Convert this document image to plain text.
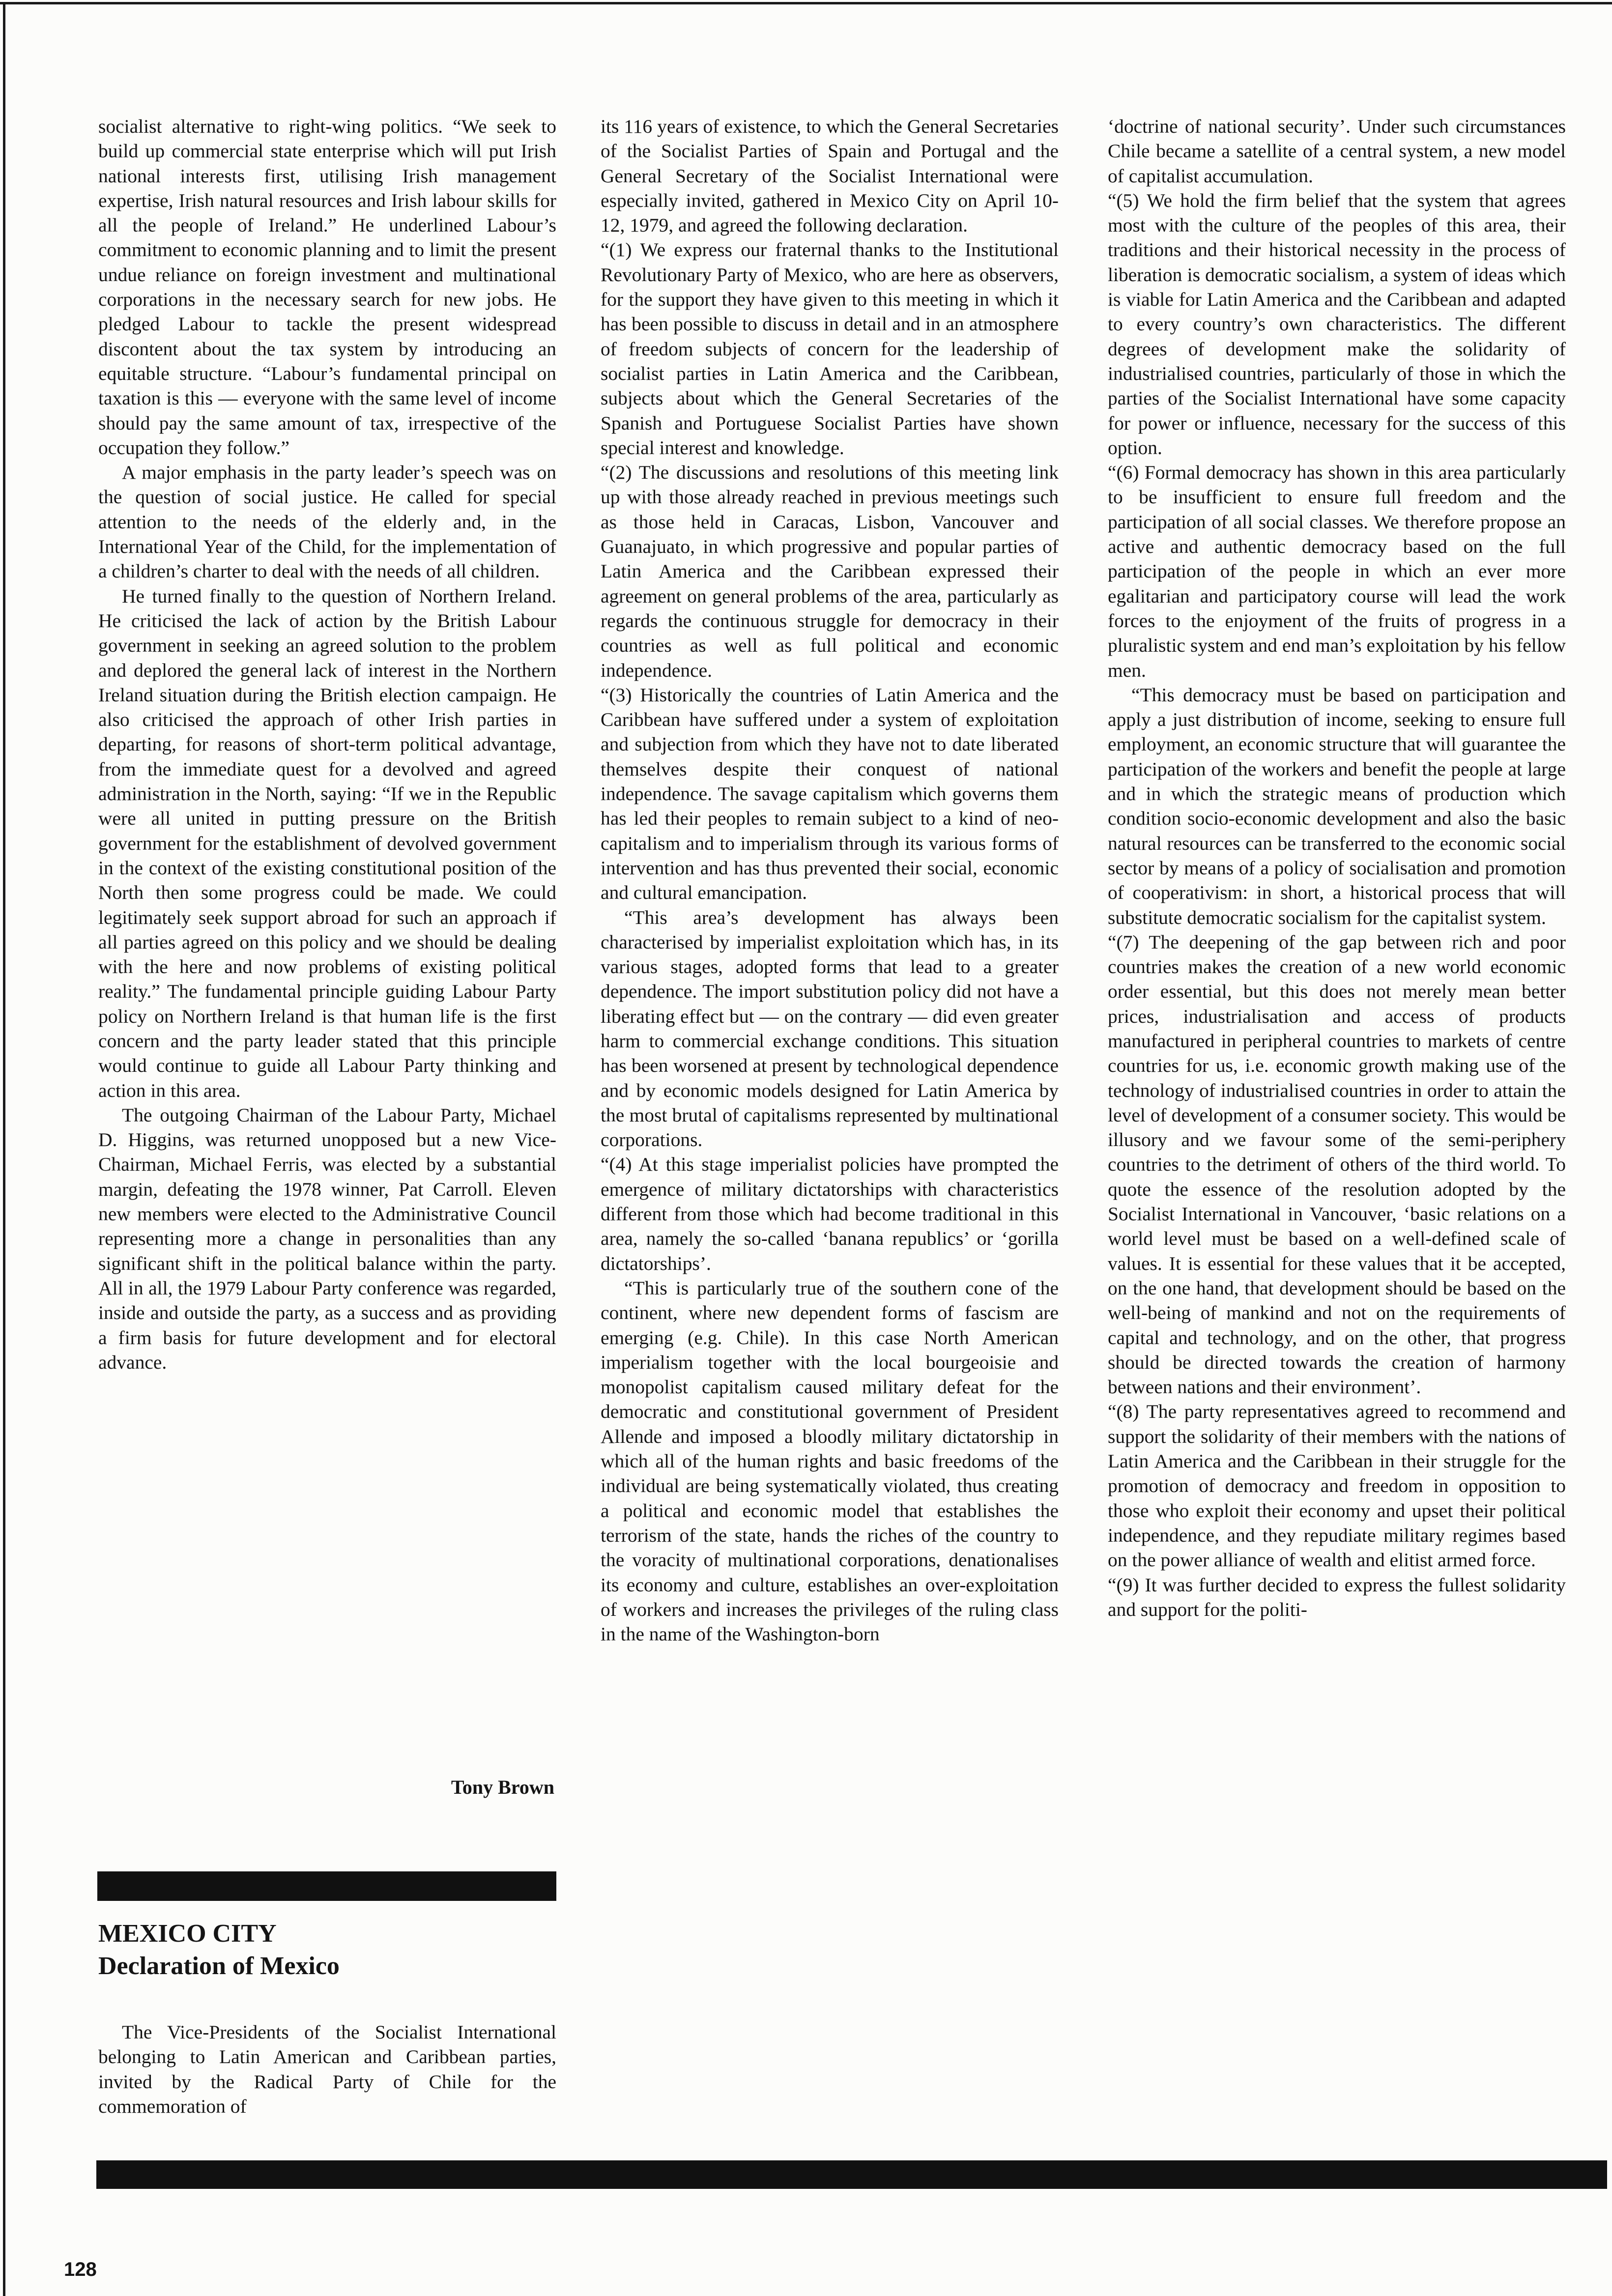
socialist alternative to right-wing politics. “We seek to build up commercial state enterprise which will put Irish national interests first, utilising Irish management expertise, Irish natural resources and Irish labour skills for all the people of Ireland.” He underlined Labour’s commitment to economic planning and to limit the present undue reliance on foreign investment and multinational corporations in the necessary search for new jobs. He pledged Labour to tackle the present widespread discontent about the tax system by introducing an equitable structure. “Labour’s fundamental principal on taxation is this — everyone with the same level of income should pay the same amount of tax, irrespective of the occupation they follow.”

A major emphasis in the party leader’s speech was on the question of social justice. He called for special attention to the needs of the elderly and, in the International Year of the Child, for the implementation of a children’s charter to deal with the needs of all children.

He turned finally to the question of Northern Ireland. He criticised the lack of action by the British Labour government in seeking an agreed solution to the problem and deplored the general lack of interest in the Northern Ireland situation during the British election campaign. He also criticised the approach of other Irish parties in departing, for reasons of short-term political advantage, from the immediate quest for a devolved and agreed administration in the North, saying: “If we in the Republic were all united in putting pressure on the British government for the establishment of devolved government in the context of the existing constitutional position of the North then some progress could be made. We could legitimately seek support abroad for such an approach if all parties agreed on this policy and we should be dealing with the here and now problems of existing political reality.” The fundamental principle guiding Labour Party policy on Northern Ireland is that human life is the first concern and the party leader stated that this principle would continue to guide all Labour Party thinking and action in this area.

The outgoing Chairman of the Labour Party, Michael D. Higgins, was returned unopposed but a new Vice-Chairman, Michael Ferris, was elected by a substantial margin, defeating the 1978 winner, Pat Carroll. Eleven new members were elected to the Administrative Council representing more a change in personalities than any significant shift in the political balance within the party. All in all, the 1979 Labour Party conference was regarded, inside and outside the party, as a success and as providing a firm basis for future development and for electoral advance.

Tony Brown
MEXICO CITY
Declaration of Mexico

The Vice-Presidents of the Socialist International belonging to Latin American and Caribbean parties, invited by the Radical Party of Chile for the commemoration of

its 116 years of existence, to which the General Secretaries of the Socialist Parties of Spain and Portugal and the General Secretary of the Socialist International were especially invited, gathered in Mexico City on April 10-12, 1979, and agreed the following declaration.

“(1) We express our fraternal thanks to the Institutional Revolutionary Party of Mexico, who are here as observers, for the support they have given to this meeting in which it has been possible to discuss in detail and in an atmosphere of freedom subjects of concern for the leadership of socialist parties in Latin America and the Caribbean, subjects about which the General Secretaries of the Spanish and Portuguese Socialist Parties have shown special interest and knowledge.

“(2) The discussions and resolutions of this meeting link up with those already reached in previous meetings such as those held in Caracas, Lisbon, Vancouver and Guanajuato, in which progressive and popular parties of Latin America and the Caribbean expressed their agreement on general problems of the area, particularly as regards the continuous struggle for democracy in their countries as well as full political and economic independence.

“(3) Historically the countries of Latin America and the Caribbean have suffered under a system of exploitation and subjection from which they have not to date liberated themselves despite their conquest of national independence. The savage capitalism which governs them has led their peoples to remain subject to a kind of neo-capitalism and to imperialism through its various forms of intervention and has thus prevented their social, economic and cultural emancipation.

“This area’s development has always been characterised by imperialist exploitation which has, in its various stages, adopted forms that lead to a greater dependence. The import substitution policy did not have a liberating effect but — on the contrary — did even greater harm to commercial exchange conditions. This situation has been worsened at present by technological dependence and by economic models designed for Latin America by the most brutal of capitalisms represented by multinational corporations.

“(4) At this stage imperialist policies have prompted the emergence of military dictatorships with characteristics different from those which had become traditional in this area, namely the so-called ‘banana republics’ or ‘gorilla dictatorships’.

“This is particularly true of the southern cone of the continent, where new dependent forms of fascism are emerging (e.g. Chile). In this case North American imperialism together with the local bourgeoisie and monopolist capitalism caused military defeat for the democratic and constitutional government of President Allende and imposed a bloodly military dictatorship in which all of the human rights and basic freedoms of the individual are being systematically violated, thus creating a political and economic model that establishes the terrorism of the state, hands the riches of the country to the voracity of multinational corporations, denationalises its economy and culture, establishes an over-exploitation of workers and increases the privileges of the ruling class in the name of the Washington-born

‘doctrine of national security’. Under such circumstances Chile became a satellite of a central system, a new model of capitalist accumulation.

“(5) We hold the firm belief that the system that agrees most with the culture of the peoples of this area, their traditions and their historical necessity in the process of liberation is democratic socialism, a system of ideas which is viable for Latin America and the Caribbean and adapted to every country’s own characteristics. The different degrees of development make the solidarity of industrialised countries, particularly of those in which the parties of the Socialist International have some capacity for power or influence, necessary for the success of this option.

“(6) Formal democracy has shown in this area particularly to be insufficient to ensure full freedom and the participation of all social classes. We therefore propose an active and authentic democracy based on the full participation of the people in which an ever more egalitarian and participatory course will lead the work forces to the enjoyment of the fruits of progress in a pluralistic system and end man’s exploitation by his fellow men.

“This democracy must be based on participation and apply a just distribution of income, seeking to ensure full employment, an economic structure that will guarantee the participation of the workers and benefit the people at large and in which the strategic means of production which condition socio-economic development and also the basic natural resources can be transferred to the economic social sector by means of a policy of socialisation and promotion of cooperativism: in short, a historical process that will substitute democratic socialism for the capitalist system.

“(7) The deepening of the gap between rich and poor countries makes the creation of a new world economic order essential, but this does not merely mean better prices, industrialisation and access of products manufactured in peripheral countries to markets of centre countries for us, i.e. economic growth making use of the technology of industrialised countries in order to attain the level of development of a consumer society. This would be illusory and we favour some of the semi-periphery countries to the detriment of others of the third world. To quote the essence of the resolution adopted by the Socialist International in Vancouver, ‘basic relations on a world level must be based on a well-defined scale of values. It is essential for these values that it be accepted, on the one hand, that development should be based on the well-being of mankind and not on the requirements of capital and technology, and on the other, that progress should be directed towards the creation of harmony between nations and their environment’.

“(8) The party representatives agreed to recommend and support the solidarity of their members with the nations of Latin America and the Caribbean in their struggle for the promotion of democracy and freedom in opposition to those who exploit their economy and upset their political independence, and they repudiate military regimes based on the power alliance of wealth and elitist armed force.

“(9) It was further decided to express the fullest solidarity and support for the politi-

128
